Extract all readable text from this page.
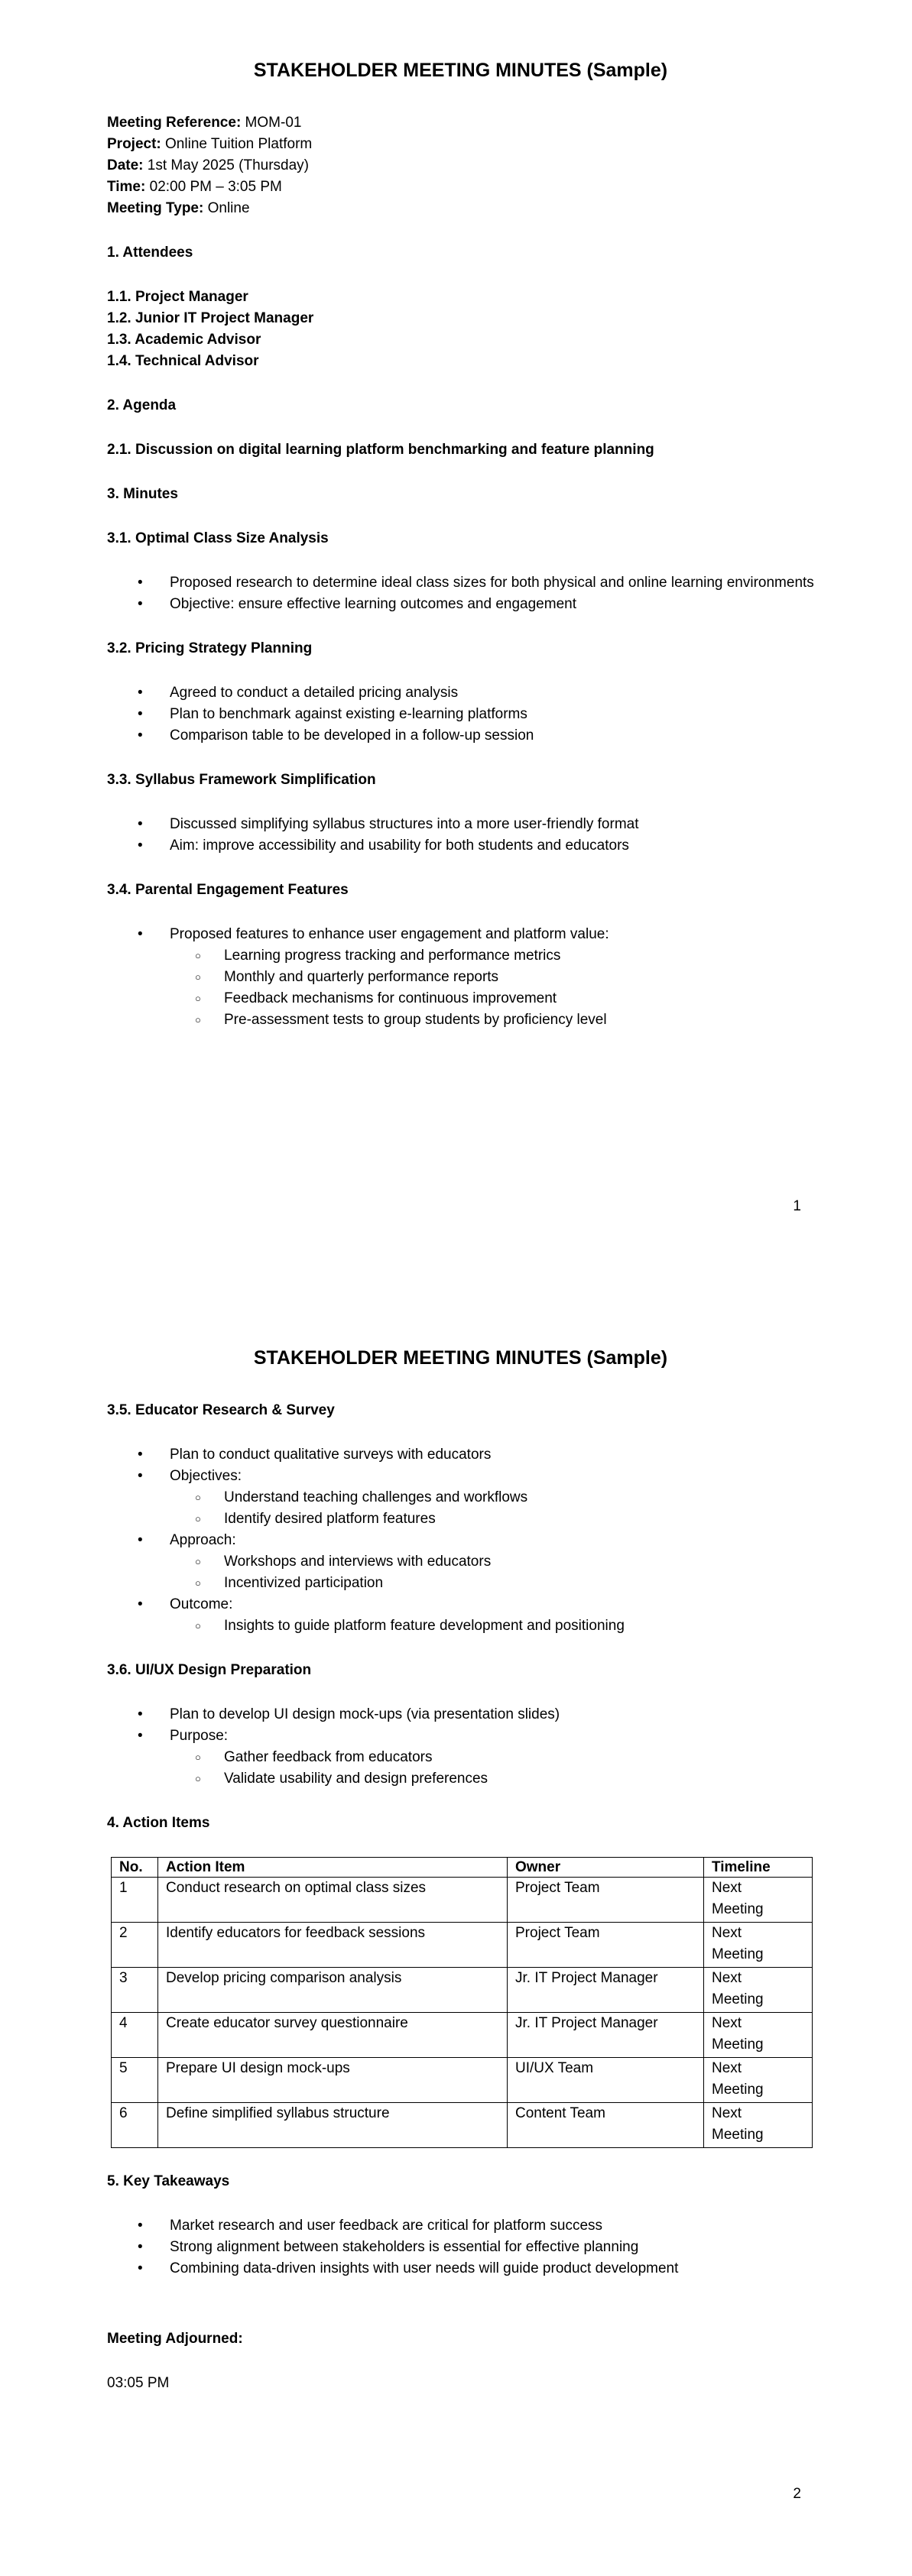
STAKEHOLDER MEETING MINUTES (Sample)
Meeting Reference: MOM-01
Project: Online Tuition Platform
Date: 1st May 2025 (Thursday)
Time: 02:00 PM – 3:05 PM
Meeting Type: Online
1. Attendees
1.1. Project Manager
1.2. Junior IT Project Manager
1.3. Academic Advisor
1.4. Technical Advisor
2. Agenda
2.1. Discussion on digital learning platform benchmarking and feature planning
3. Minutes
3.1. Optimal Class Size Analysis
• Proposed research to determine ideal class sizes for both physical and online learning environments
• Objective: ensure effective learning outcomes and engagement
3.2. Pricing Strategy Planning
• Agreed to conduct a detailed pricing analysis
• Plan to benchmark against existing e-learning platforms
• Comparison table to be developed in a follow-up session
3.3. Syllabus Framework Simplification
• Discussed simplifying syllabus structures into a more user-friendly format
• Aim: improve accessibility and usability for both students and educators
3.4. Parental Engagement Features
• Proposed features to enhance user engagement and platform value:
○ Learning progress tracking and performance metrics
○ Monthly and quarterly performance reports
○ Feedback mechanisms for continuous improvement
○ Pre-assessment tests to group students by proficiency level
1
STAKEHOLDER MEETING MINUTES (Sample)
3.5. Educator Research & Survey
• Plan to conduct qualitative surveys with educators
• Objectives:
○ Understand teaching challenges and workflows
○ Identify desired platform features
• Approach:
○ Workshops and interviews with educators
○ Incentivized participation
• Outcome:
○ Insights to guide platform feature development and positioning
3.6. UI/UX Design Preparation
• Plan to develop UI design mock-ups (via presentation slides)
• Purpose:
○ Gather feedback from educators
○ Validate usability and design preferences
4. Action Items
No.	Action Item	Owner	Timeline
1	Conduct research on optimal class sizes	Project Team	Next Meeting
2	Identify educators for feedback sessions	Project Team	Next Meeting
3	Develop pricing comparison analysis	Jr. IT Project Manager	Next Meeting
4	Create educator survey questionnaire	Jr. IT Project Manager	Next Meeting
5	Prepare UI design mock-ups	UI/UX Team	Next Meeting
6	Define simplified syllabus structure	Content Team	Next Meeting
5. Key Takeaways
• Market research and user feedback are critical for platform success
• Strong alignment between stakeholders is essential for effective planning
• Combining data-driven insights with user needs will guide product development
Meeting Adjourned:
03:05 PM
2
